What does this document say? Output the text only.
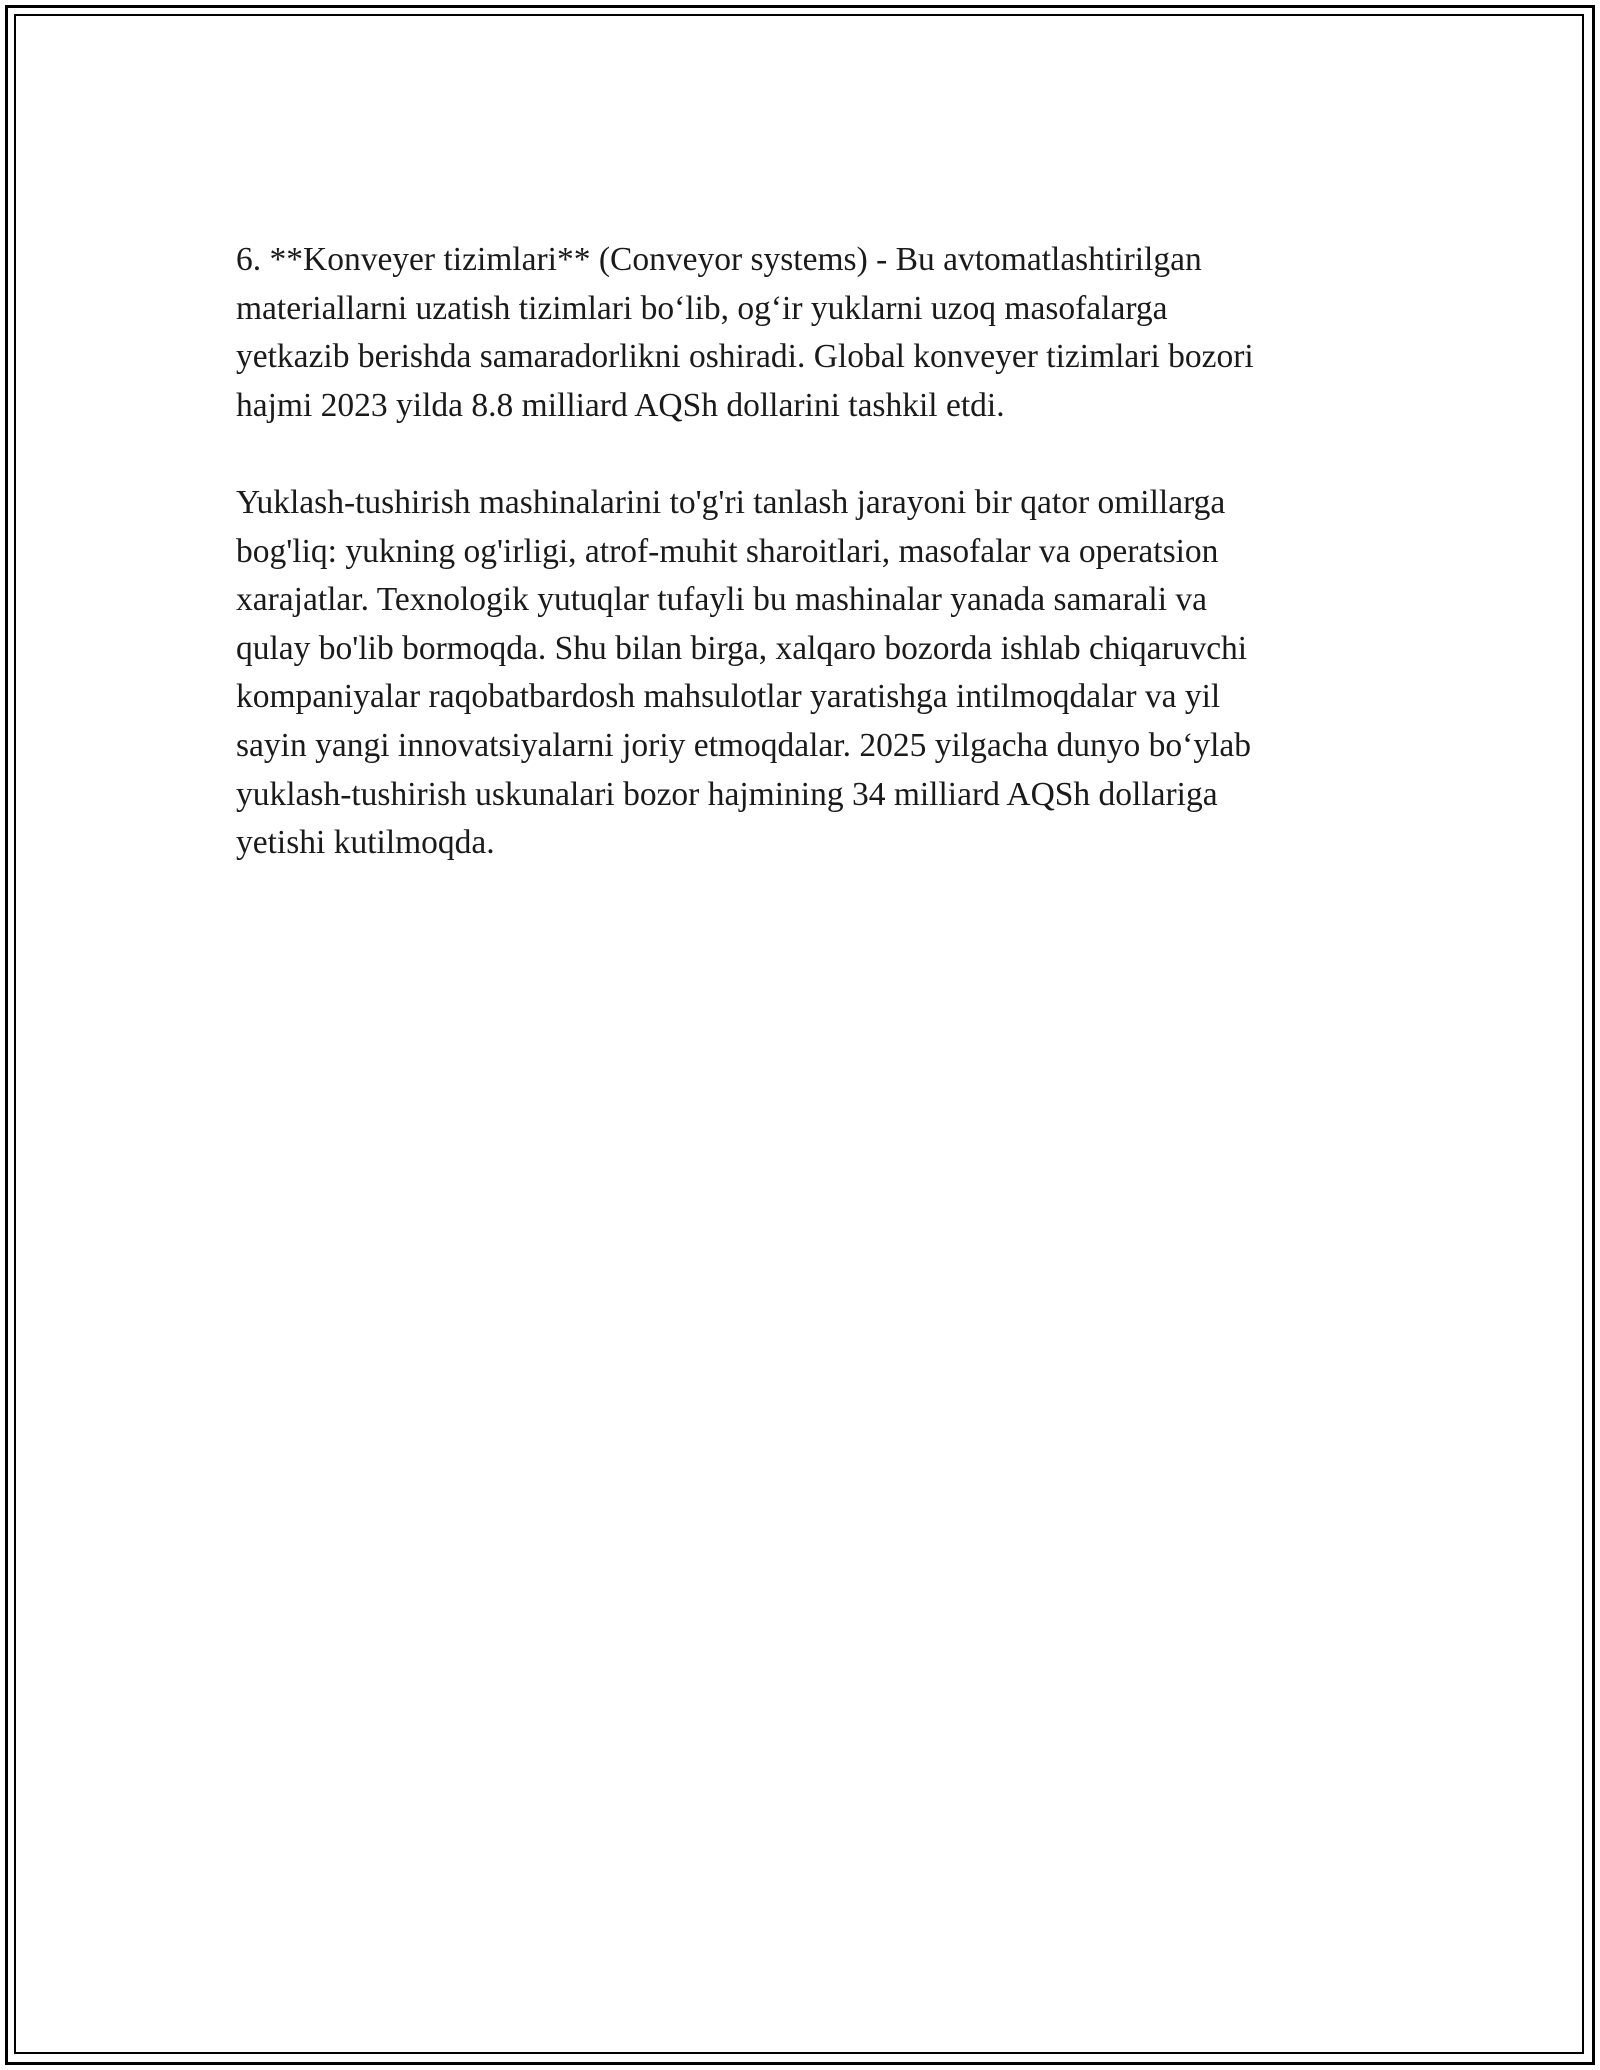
6. **Konveyer tizimlari** (Conveyor systems) - Bu avtomatlashtirilgan
materiallarni uzatish tizimlari bo‘lib, og‘ir yuklarni uzoq masofalarga
yetkazib berishda samaradorlikni oshiradi. Global konveyer tizimlari bozori
hajmi 2023 yilda 8.8 milliard AQSh dollarini tashkil etdi.

Yuklash-tushirish mashinalarini to'g'ri tanlash jarayoni bir qator omillarga
bog'liq: yukning og'irligi, atrof-muhit sharoitlari, masofalar va operatsion
xarajatlar. Texnologik yutuqlar tufayli bu mashinalar yanada samarali va
qulay bo'lib bormoqda. Shu bilan birga, xalqaro bozorda ishlab chiqaruvchi
kompaniyalar raqobatbardosh mahsulotlar yaratishga intilmoqdalar va yil
sayin yangi innovatsiyalarni joriy etmoqdalar. 2025 yilgacha dunyo bo‘ylab
yuklash-tushirish uskunalari bozor hajmining 34 milliard AQSh dollariga
yetishi kutilmoqda.
